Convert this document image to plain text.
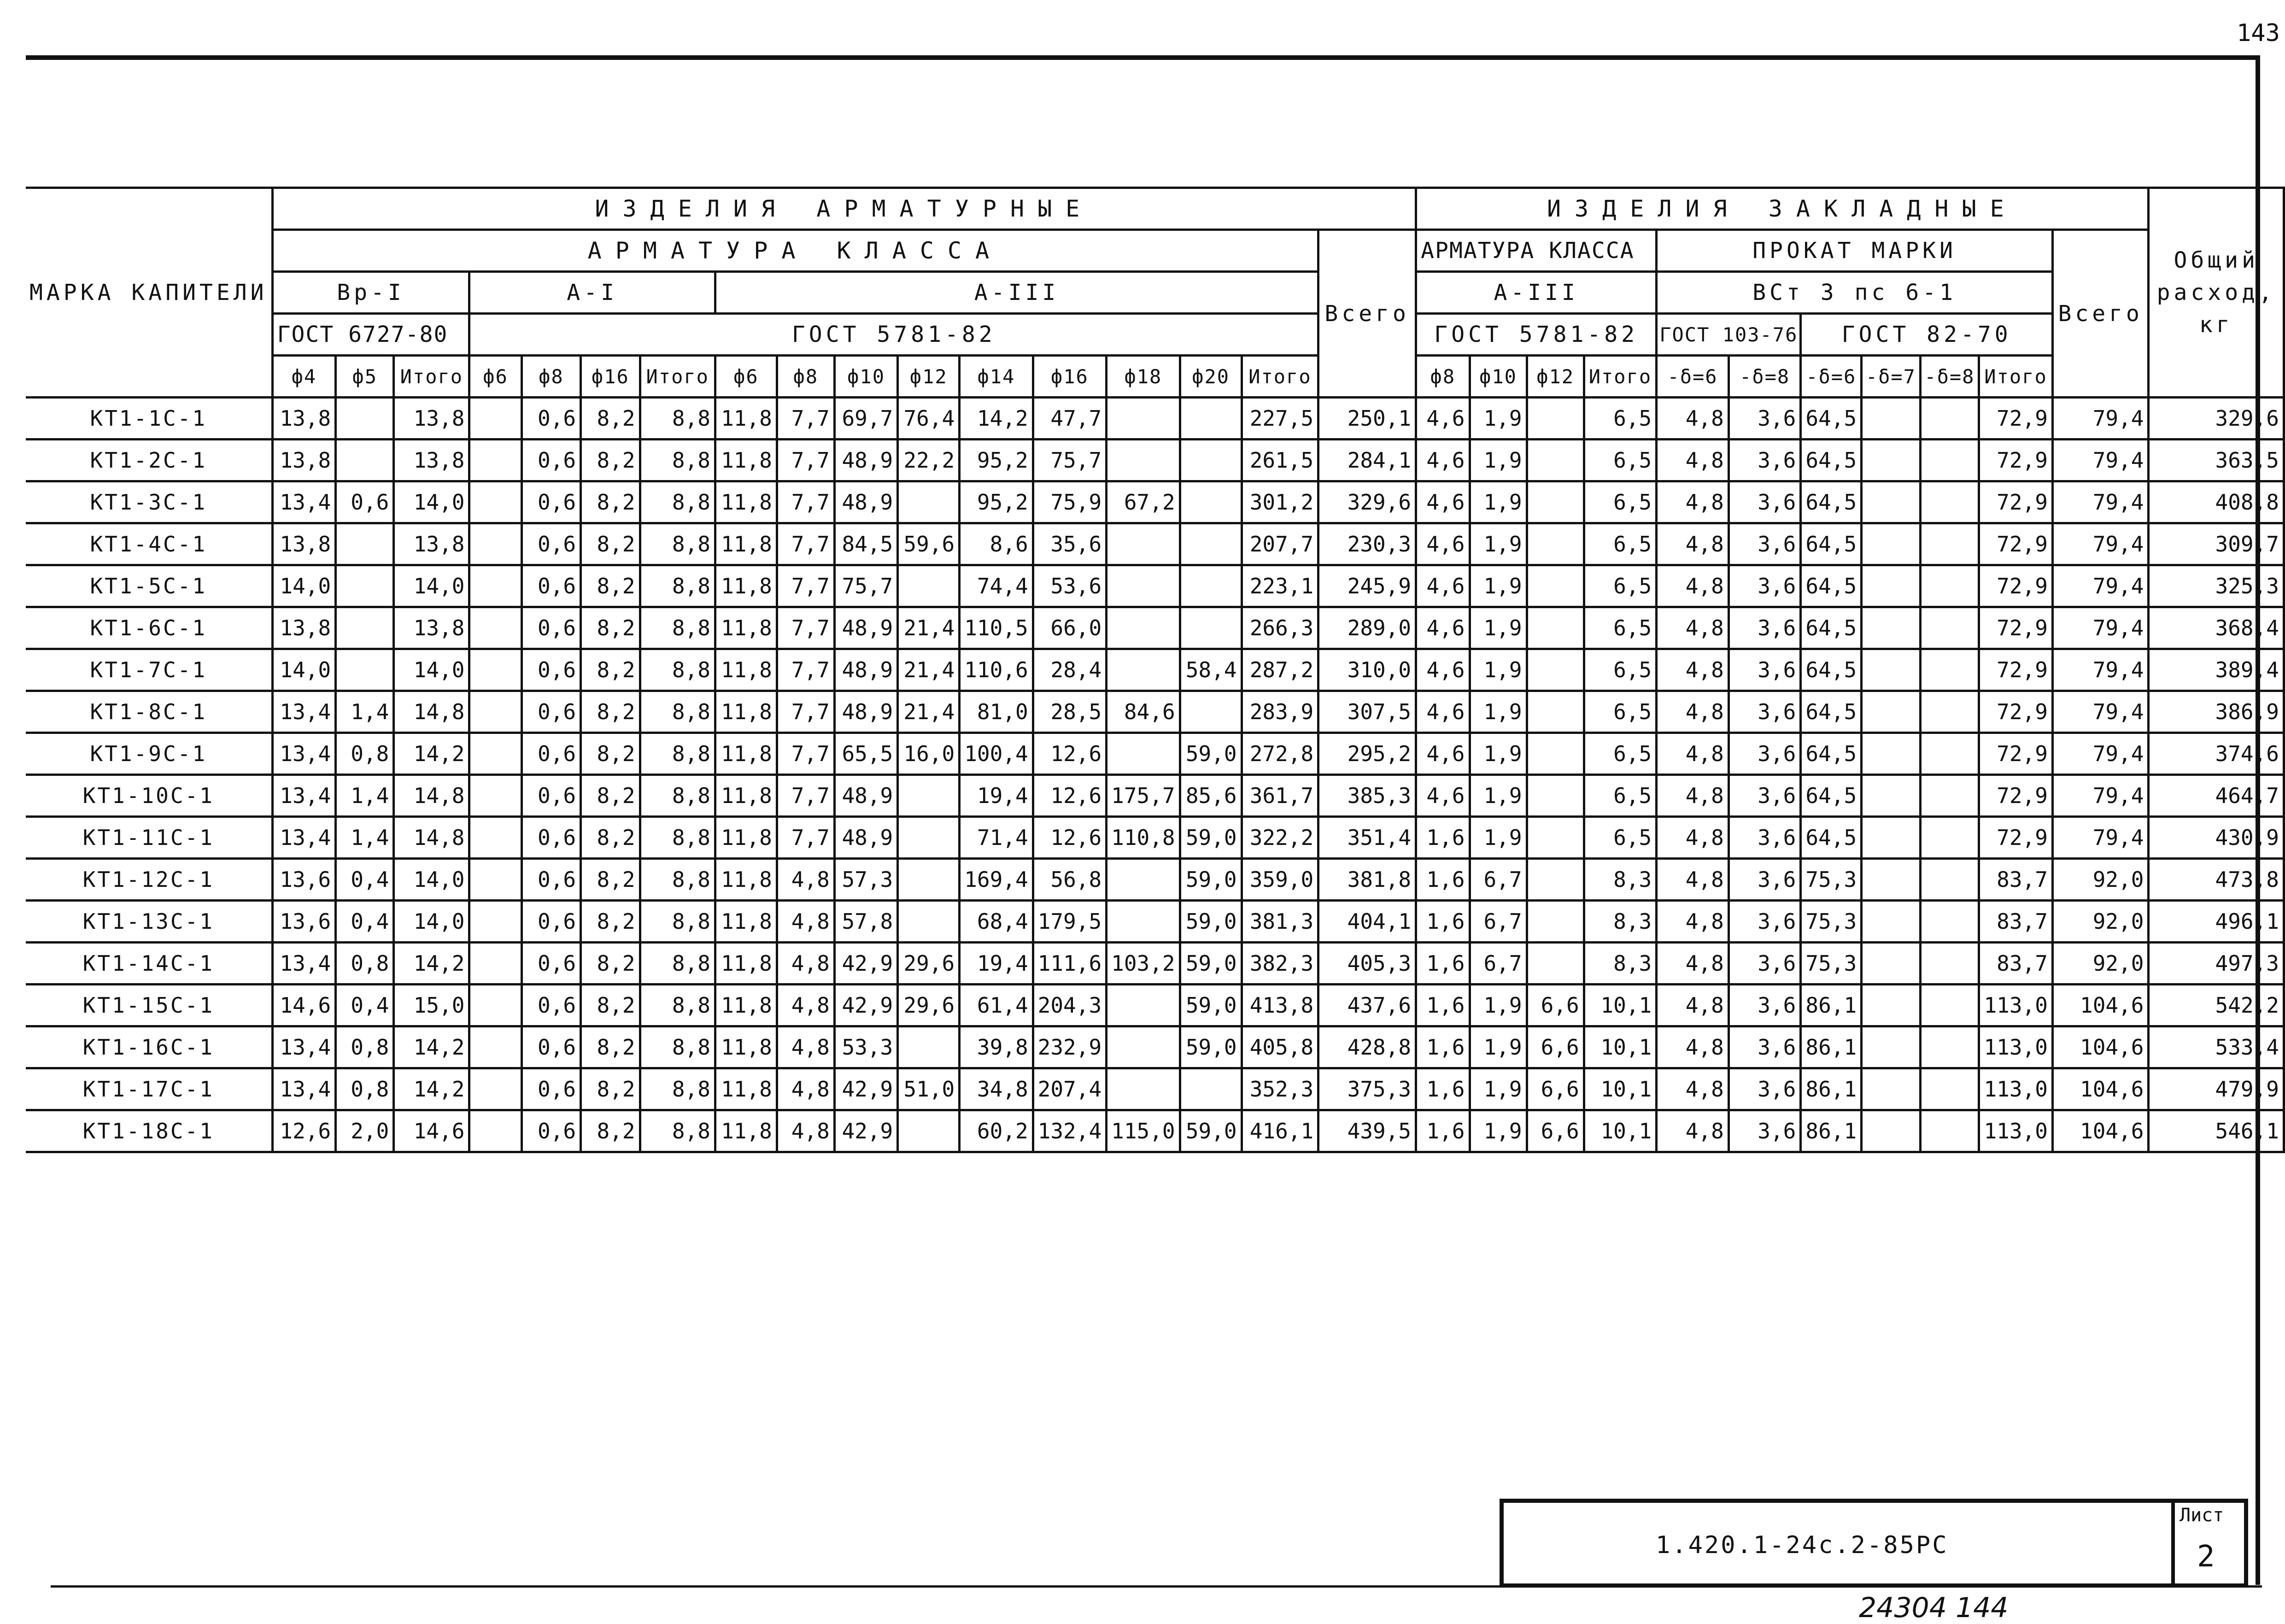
143
МАРКА КАПИТЕЛИ	ИЗДЕЛИЯ АРМАТУРНЫЕ																	ИЗДЕЛИЯ ЗАКЛАДНЫЕ											Общий расход, кг
	АРМАТУРА КЛАССА																Всего	АРМАТУРА КЛАССА				ПРОКАТ МАРКИ						Всего	
	Вр-I			А-I				А-III										А-III				ВСт 3 пс 6-1							
	ГОСТ 6727-80			ГОСТ 5781-82														ГОСТ 5781-82				ГОСТ 103-76		ГОСТ 82-70					
	ф4	ф5	Итого	ф6	ф8	ф16	Итого	ф6	ф8	ф10	ф12	ф14	ф16	ф18	ф20	Итого		ф8	ф10	ф12	Итого	-δ=6	-δ=8	-δ=6	-δ=7	-δ=8	Итого		
КТ1-1С-1	13,8		13,8		0,6	8,2	8,8	11,8	7,7	69,7	76,4	14,2	47,7			227,5	250,1	4,6	1,9		6,5	4,8	3,6	64,5			72,9	79,4	329,6
КТ1-2С-1	13,8		13,8		0,6	8,2	8,8	11,8	7,7	48,9	22,2	95,2	75,7			261,5	284,1	4,6	1,9		6,5	4,8	3,6	64,5			72,9	79,4	363,5
КТ1-3С-1	13,4	0,6	14,0		0,6	8,2	8,8	11,8	7,7	48,9		95,2	75,9	67,2		301,2	329,6	4,6	1,9		6,5	4,8	3,6	64,5			72,9	79,4	408,8
КТ1-4С-1	13,8		13,8		0,6	8,2	8,8	11,8	7,7	84,5	59,6	8,6	35,6			207,7	230,3	4,6	1,9		6,5	4,8	3,6	64,5			72,9	79,4	309,7
КТ1-5С-1	14,0		14,0		0,6	8,2	8,8	11,8	7,7	75,7		74,4	53,6			223,1	245,9	4,6	1,9		6,5	4,8	3,6	64,5			72,9	79,4	325,3
КТ1-6С-1	13,8		13,8		0,6	8,2	8,8	11,8	7,7	48,9	21,4	110,5	66,0			266,3	289,0	4,6	1,9		6,5	4,8	3,6	64,5			72,9	79,4	368,4
КТ1-7С-1	14,0		14,0		0,6	8,2	8,8	11,8	7,7	48,9	21,4	110,6	28,4		58,4	287,2	310,0	4,6	1,9		6,5	4,8	3,6	64,5			72,9	79,4	389,4
КТ1-8С-1	13,4	1,4	14,8		0,6	8,2	8,8	11,8	7,7	48,9	21,4	81,0	28,5	84,6		283,9	307,5	4,6	1,9		6,5	4,8	3,6	64,5			72,9	79,4	386,9
КТ1-9С-1	13,4	0,8	14,2		0,6	8,2	8,8	11,8	7,7	65,5	16,0	100,4	12,6		59,0	272,8	295,2	4,6	1,9		6,5	4,8	3,6	64,5			72,9	79,4	374,6
КТ1-10С-1	13,4	1,4	14,8		0,6	8,2	8,8	11,8	7,7	48,9		19,4	12,6	175,7	85,6	361,7	385,3	4,6	1,9		6,5	4,8	3,6	64,5			72,9	79,4	464,7
КТ1-11С-1	13,4	1,4	14,8		0,6	8,2	8,8	11,8	7,7	48,9		71,4	12,6	110,8	59,0	322,2	351,4	1,6	1,9		6,5	4,8	3,6	64,5			72,9	79,4	430,9
КТ1-12С-1	13,6	0,4	14,0		0,6	8,2	8,8	11,8	4,8	57,3		169,4	56,8		59,0	359,0	381,8	1,6	6,7		8,3	4,8	3,6	75,3			83,7	92,0	473,8
КТ1-13С-1	13,6	0,4	14,0		0,6	8,2	8,8	11,8	4,8	57,8		68,4	179,5		59,0	381,3	404,1	1,6	6,7		8,3	4,8	3,6	75,3			83,7	92,0	496,1
КТ1-14С-1	13,4	0,8	14,2		0,6	8,2	8,8	11,8	4,8	42,9	29,6	19,4	111,6	103,2	59,0	382,3	405,3	1,6	6,7		8,3	4,8	3,6	75,3			83,7	92,0	497,3
КТ1-15С-1	14,6	0,4	15,0		0,6	8,2	8,8	11,8	4,8	42,9	29,6	61,4	204,3		59,0	413,8	437,6	1,6	1,9	6,6	10,1	4,8	3,6	86,1			113,0	104,6	542,2
КТ1-16С-1	13,4	0,8	14,2		0,6	8,2	8,8	11,8	4,8	53,3		39,8	232,9		59,0	405,8	428,8	1,6	1,9	6,6	10,1	4,8	3,6	86,1			113,0	104,6	533,4
КТ1-17С-1	13,4	0,8	14,2		0,6	8,2	8,8	11,8	4,8	42,9	51,0	34,8	207,4			352,3	375,3	1,6	1,9	6,6	10,1	4,8	3,6	86,1			113,0	104,6	479,9
КТ1-18С-1	12,6	2,0	14,6		0,6	8,2	8,8	11,8	4,8	42,9		60,2	132,4	115,0	59,0	416,1	439,5	1,6	1,9	6,6	10,1	4,8	3,6	86,1			113,0	104,6	546,1
1.420.1-24с.2-85РС
Лист
2
24304 144
